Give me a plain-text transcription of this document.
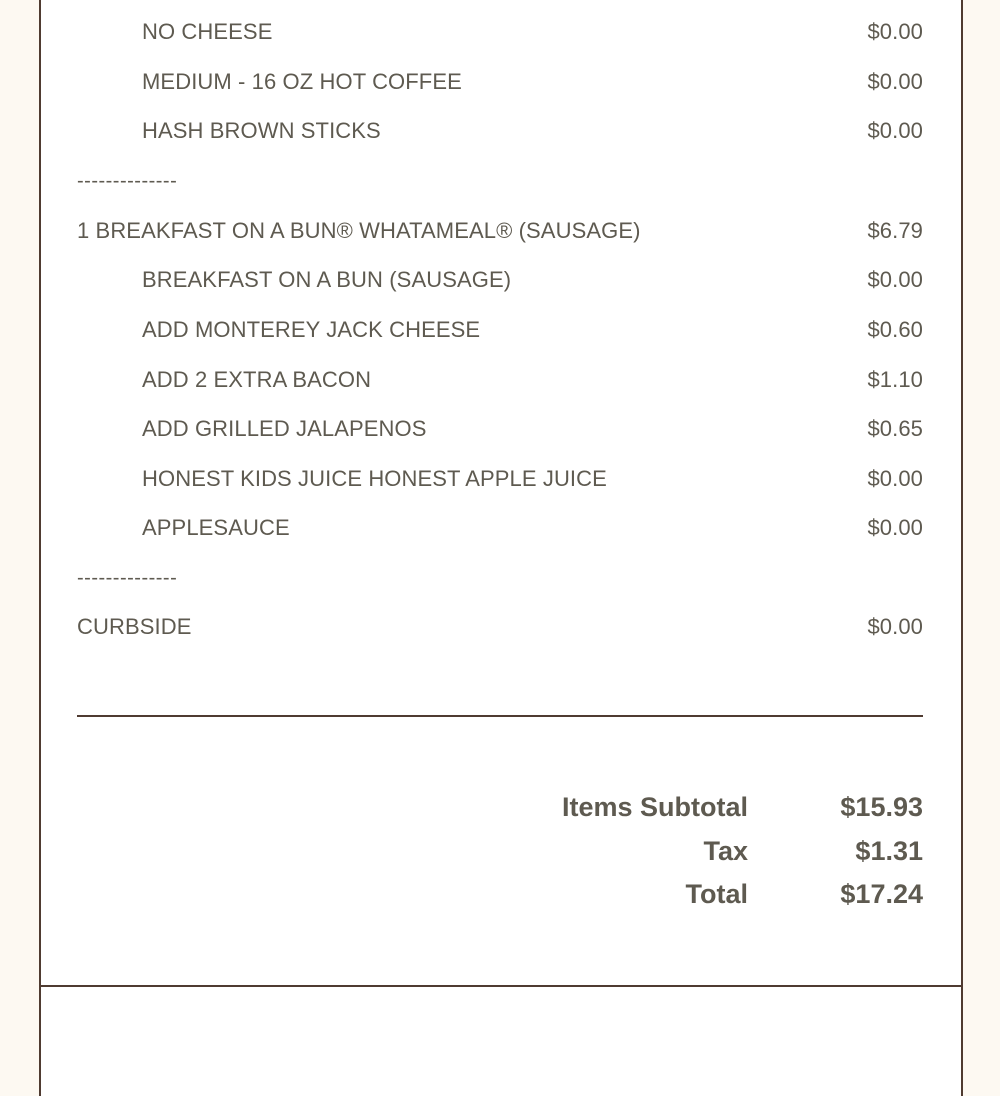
NO CHEESE	$0.00
MEDIUM - 16 OZ HOT COFFEE	$0.00
HASH BROWN STICKS	$0.00
--------------
1 BREAKFAST ON A BUN® WHATAMEAL® (SAUSAGE)	$6.79
BREAKFAST ON A BUN (SAUSAGE)	$0.00
ADD MONTEREY JACK CHEESE	$0.60
ADD 2 EXTRA BACON	$1.10
ADD GRILLED JALAPENOS	$0.65
HONEST KIDS JUICE HONEST APPLE JUICE	$0.00
APPLESAUCE	$0.00
--------------
CURBSIDE	$0.00
Items Subtotal	$15.93
Tax	$1.31
Total	$17.24
